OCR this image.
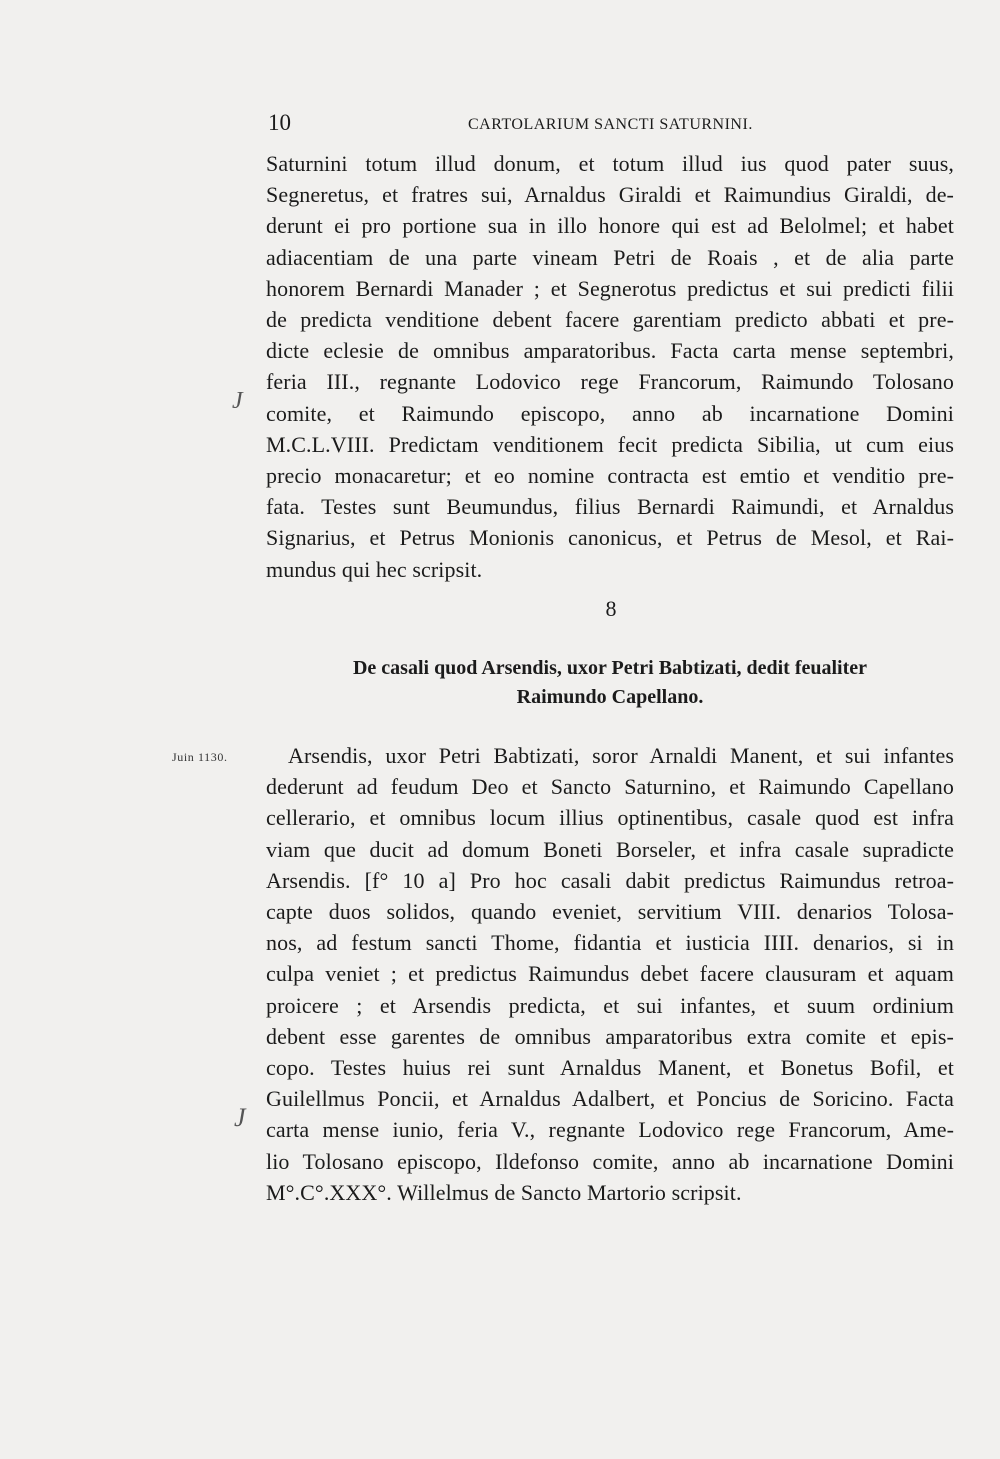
10	CARTOLARIUM SANCTI SATURNINI.
Saturnini totum illud donum, et totum illud ius quod pater suus,
Segneretus, et fratres sui, Arnaldus Giraldi et Raimundius Giraldi, de-
derunt ei pro portione sua in illo honore qui est ad Belolmel; et habet
adiacentiam de una parte vineam Petri de Roais , et de alia parte
honorem Bernardi Manader ; et Segnerotus predictus et sui predicti filii
de predicta venditione debent facere garentiam predicto abbati et pre-
dicte eclesie de omnibus amparatoribus. Facta carta mense septembri,
feria III., regnante Lodovico rege Francorum, Raimundo Tolosano
comite, et Raimundo episcopo, anno ab incarnatione Domini
M.C.L.VIII. Predictam venditionem fecit predicta Sibilia, ut cum eius
precio monacaretur; et eo nomine contracta est emtio et venditio pre-
fata. Testes sunt Beumundus, filius Bernardi Raimundi, et Arnaldus
Signarius, et Petrus Monionis canonicus, et Petrus de Mesol, et Rai-
mundus qui hec scripsit.
8
De casali quod Arsendis, uxor Petri Babtizati, dedit feualiter
Raimundo Capellano.
Juin 1130.	Arsendis, uxor Petri Babtizati, soror Arnaldi Manent, et sui infantes
dederunt ad feudum Deo et Sancto Saturnino, et Raimundo Capellano
cellerario, et omnibus locum illius optinentibus, casale quod est infra
viam que ducit ad domum Boneti Borseler, et infra casale supradicte
Arsendis. [f° 10 a] Pro hoc casali dabit predictus Raimundus retroa-
capte duos solidos, quando eveniet, servitium VIII. denarios Tolosa-
nos, ad festum sancti Thome, fidantia et iusticia IIII. denarios, si in
culpa veniet ; et predictus Raimundus debet facere clausuram et aquam
proicere ; et Arsendis predicta, et sui infantes, et suum ordinium
debent esse garentes de omnibus amparatoribus extra comite et epis-
copo. Testes huius rei sunt Arnaldus Manent, et Bonetus Bofil, et
Guilellmus Poncii, et Arnaldus Adalbert, et Poncius de Soricino. Facta
carta mense iunio, feria V., regnante Lodovico rege Francorum, Ame-
lio Tolosano episcopo, Ildefonso comite, anno ab incarnatione Domini
M°.C°.XXX°. Willelmus de Sancto Martorio scripsit.
J
J
